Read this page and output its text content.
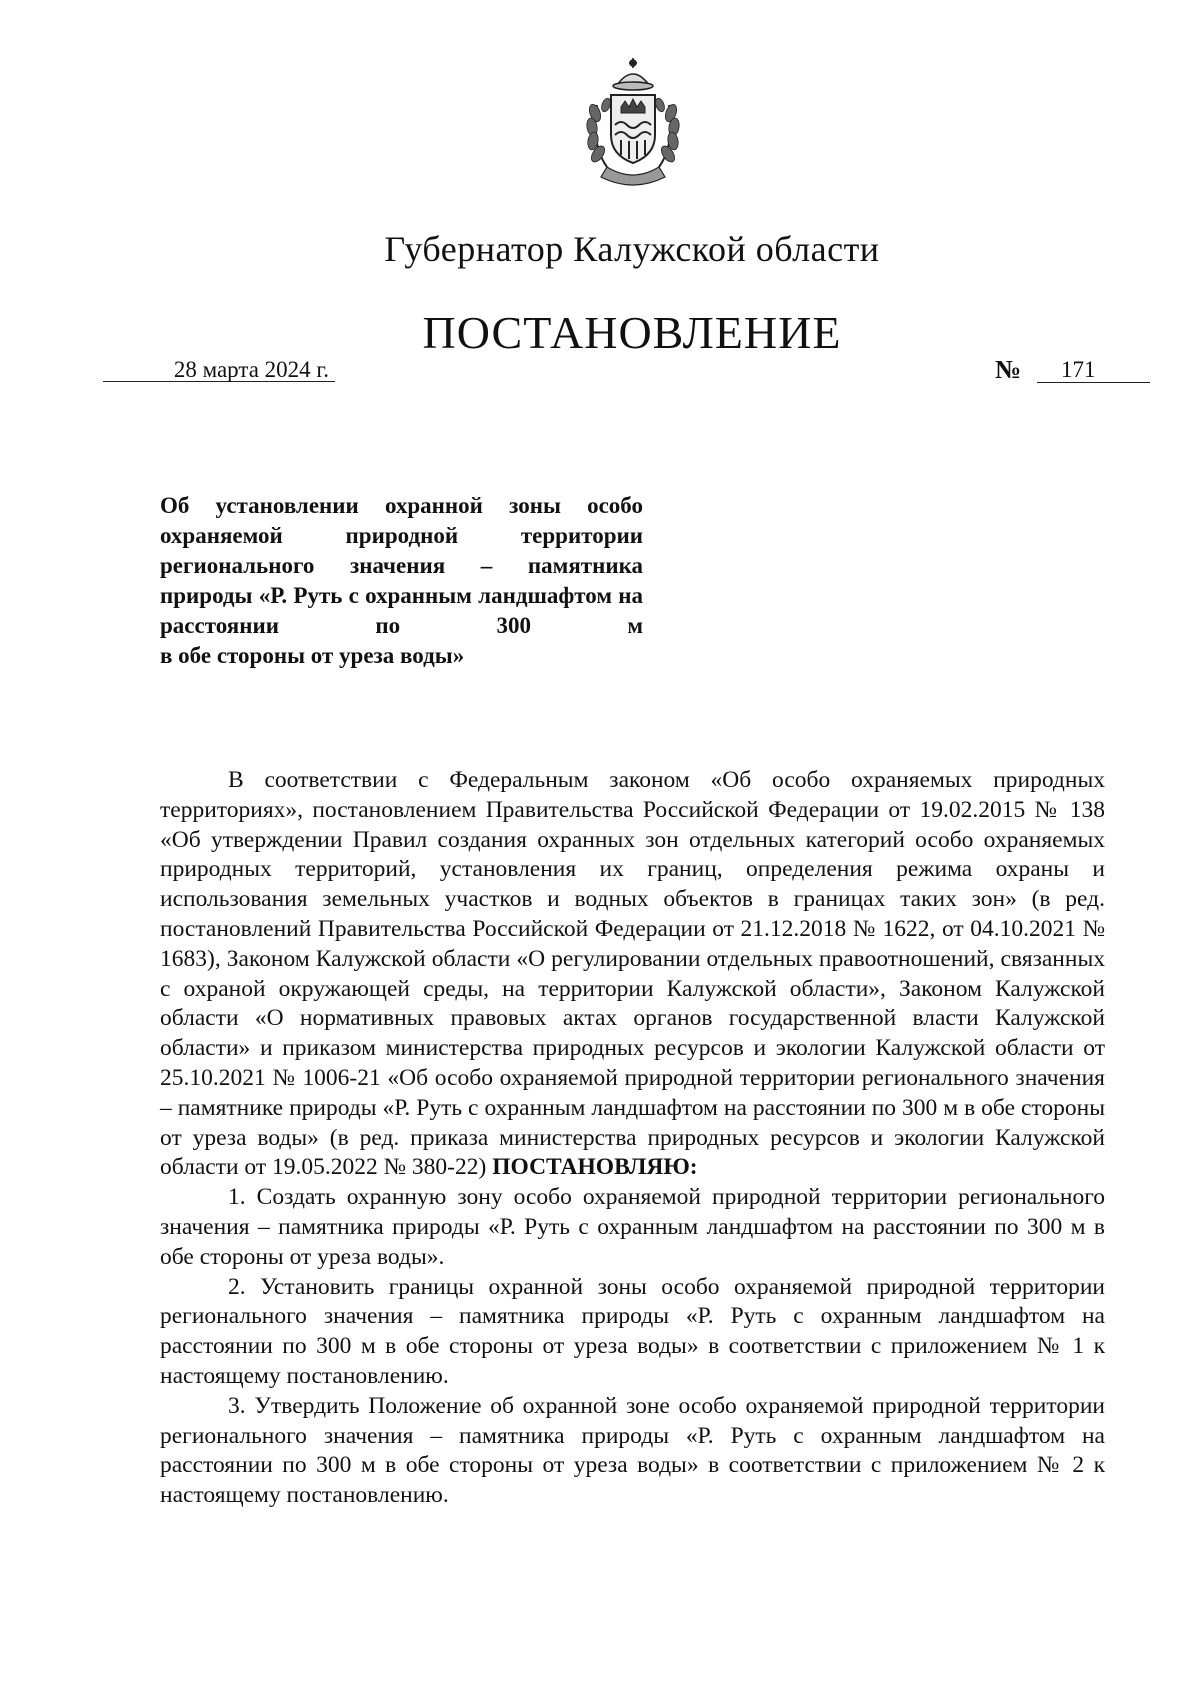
Губернатор Калужской области
ПОСТАНОВЛЕНИЕ
28 марта 2024 г.	№	171
Об установлении охранной зоны особо охраняемой природной территории регионального значения – памятника природы «Р. Руть с охранным ландшафтом на расстоянии по 300 м
в обе стороны от уреза воды»

В соответствии с Федеральным законом «Об особо охраняемых природных территориях», постановлением Правительства Российской Федерации от 19.02.2015 № 138 «Об утверждении Правил создания охранных зон отдельных категорий особо охраняемых природных территорий, установления их границ, определения режима охраны и использования земельных участков и водных объектов в границах таких зон» (в ред. постановлений Правительства Российской Федерации от 21.12.2018 № 1622, от 04.10.2021 № 1683), Законом Калужской области «О регулировании отдельных правоотношений, связанных с охраной окружающей среды, на территории Калужской области», Законом Калужской области «О нормативных правовых актах органов государственной власти Калужской области» и приказом министерства природных ресурсов и экологии Калужской области от 25.10.2021 № 1006-21 «Об особо охраняемой природной территории регионального значения – памятнике природы «Р. Руть с охранным ландшафтом на расстоянии по 300 м в обе стороны от уреза воды» (в ред. приказа министерства природных ресурсов и экологии Калужской области от 19.05.2022 № 380-22) ПОСТАНОВЛЯЮ:

1. Создать охранную зону особо охраняемой природной территории регионального значения – памятника природы «Р. Руть с охранным ландшафтом на расстоянии по 300 м в обе стороны от уреза воды».

2. Установить границы охранной зоны особо охраняемой природной территории регионального значения – памятника природы «Р. Руть с охранным ландшафтом на расстоянии по 300 м в обе стороны от уреза воды» в соответствии с приложением № 1 к настоящему постановлению.

3. Утвердить Положение об охранной зоне особо охраняемой природной территории регионального значения – памятника природы «Р. Руть с охранным ландшафтом на расстоянии по 300 м в обе стороны от уреза воды» в соответствии с приложением № 2 к настоящему постановлению.
